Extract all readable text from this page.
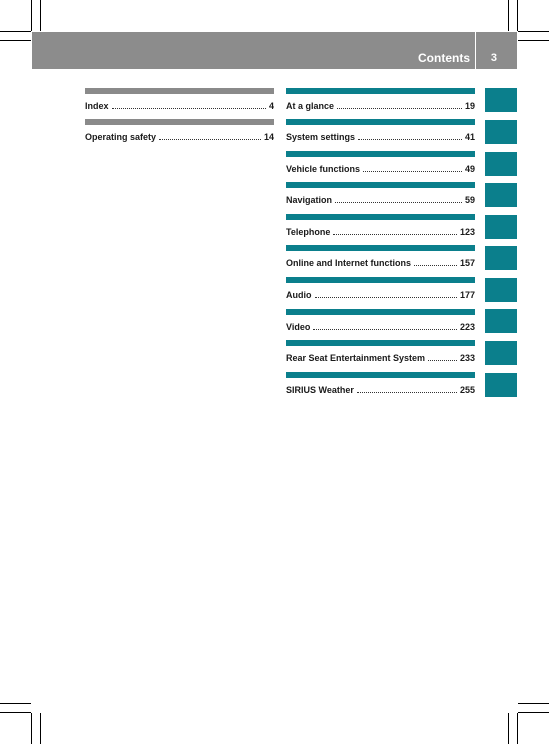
Contents 3
Index	4
Operating safety	14
At a glance	19
System settings	41
Vehicle functions	49
Navigation	59
Telephone	123
Online and Internet functions	157
Audio	177
Video	223
Rear Seat Entertainment System	233
SIRIUS Weather	255
